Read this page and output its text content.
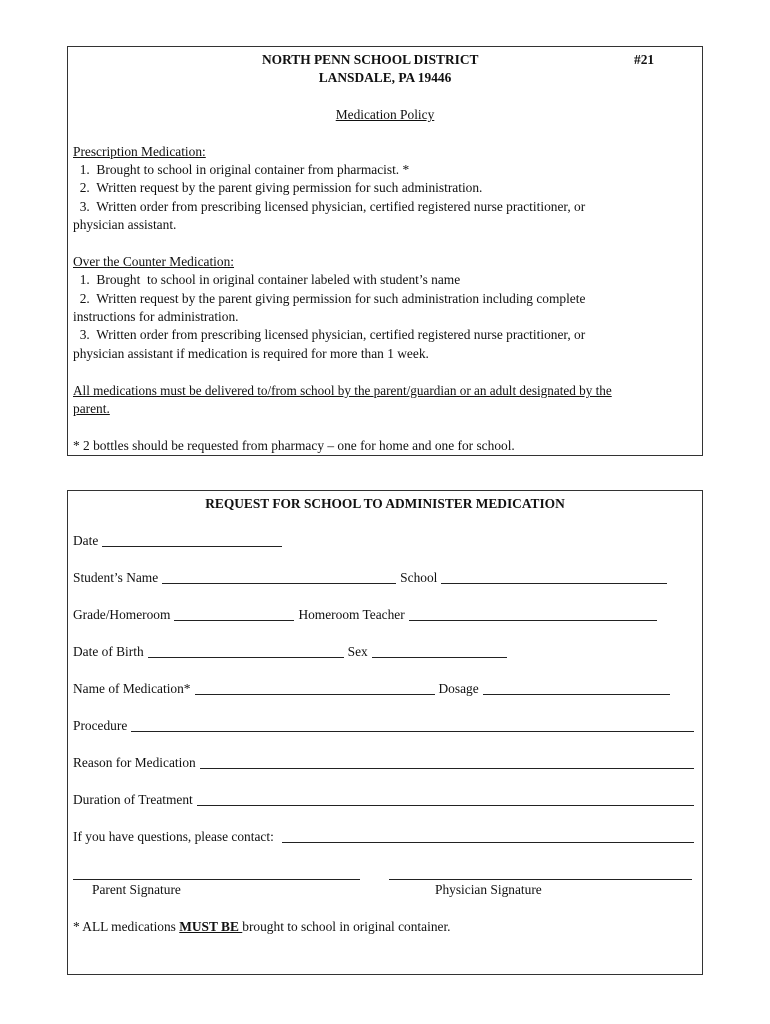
NORTH PENN SCHOOL DISTRICT	#21
LANSDALE, PA 19446
Medication Policy
Prescription Medication:
1.  Brought to school in original container from pharmacist. *
2.  Written request by the parent giving permission for such administration.
3.  Written order from prescribing licensed physician, certified registered nurse practitioner, or
physician assistant.
Over the Counter Medication:
1.  Brought  to school in original container labeled with student’s name
2.  Written request by the parent giving permission for such administration including complete
instructions for administration.
3.  Written order from prescribing licensed physician, certified registered nurse practitioner, or
physician assistant if medication is required for more than 1 week.
All medications must be delivered to/from school by the parent/guardian or an adult designated by the
parent.
* 2 bottles should be requested from pharmacy – one for home and one for school.
REQUEST FOR SCHOOL TO ADMINISTER MEDICATION
Date
Student’s Name	School
Grade/Homeroom	Homeroom Teacher
Date of Birth	Sex
Name of Medication*	Dosage
Procedure
Reason for Medication
Duration of Treatment
If you have questions, please contact:
Parent Signature	Physician Signature
* ALL medications MUST BE brought to school in original container.
